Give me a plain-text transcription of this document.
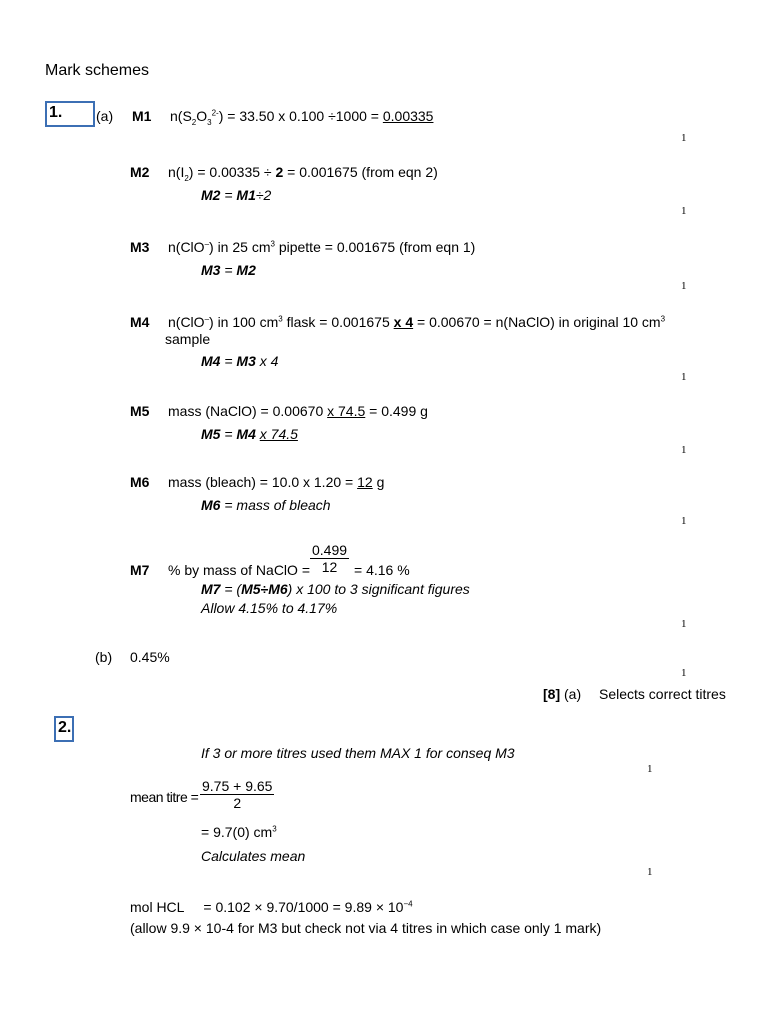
Mark schemes
1.	(a) M1 $n(S_2O_3^{2-}) = 33.50$ x 0.100 ÷1000 = 0.00335
1
M2 $n(I_2) = 0.00335 \div 2 = 0.001675$ (from eqn 2)
M2 = M1÷2
1
M3 n(ClO–) in 25 $cm^3$ pipette = 0.001675 (from eqn 1)
M3 = M2
1
M4 n(ClO–) in 100 $cm^3$ flask = 0.001675 x 4 = 0.00670 = n(NaClO) in original 10 $cm^3$
sample
M4 = M3 x 4
1
M5 mass (NaClO) = 0.00670 x 74.5 = 0.499 g
M5 = M4 x 74.5
1
M6 mass (bleach) = 10.0 x 1.20 = 12 g
M6 = mass of bleach
1
M7 % by mass of NaClO = $\frac{0.499}{12} = 4.16$ %
M7 = (M5÷M6) x 100 to 3 significant figures
Allow 4.15% to 4.17%
1
(b) 0.45%
1
[8] (a) Selects correct titres
2.
If 3 or more titres used them MAX 1 for conseq M3
1
mean titre = $\frac{9.75 + 9.65}{2}$
= 9.7(0) $cm^3$
Calculates mean
1
mol HCL     = $0.102 \times 9.70/1000 = 9.89 \times 10^{-4}$
(allow 9.9 × 10-4 for M3 but check not via 4 titres in which case only 1 mark)
